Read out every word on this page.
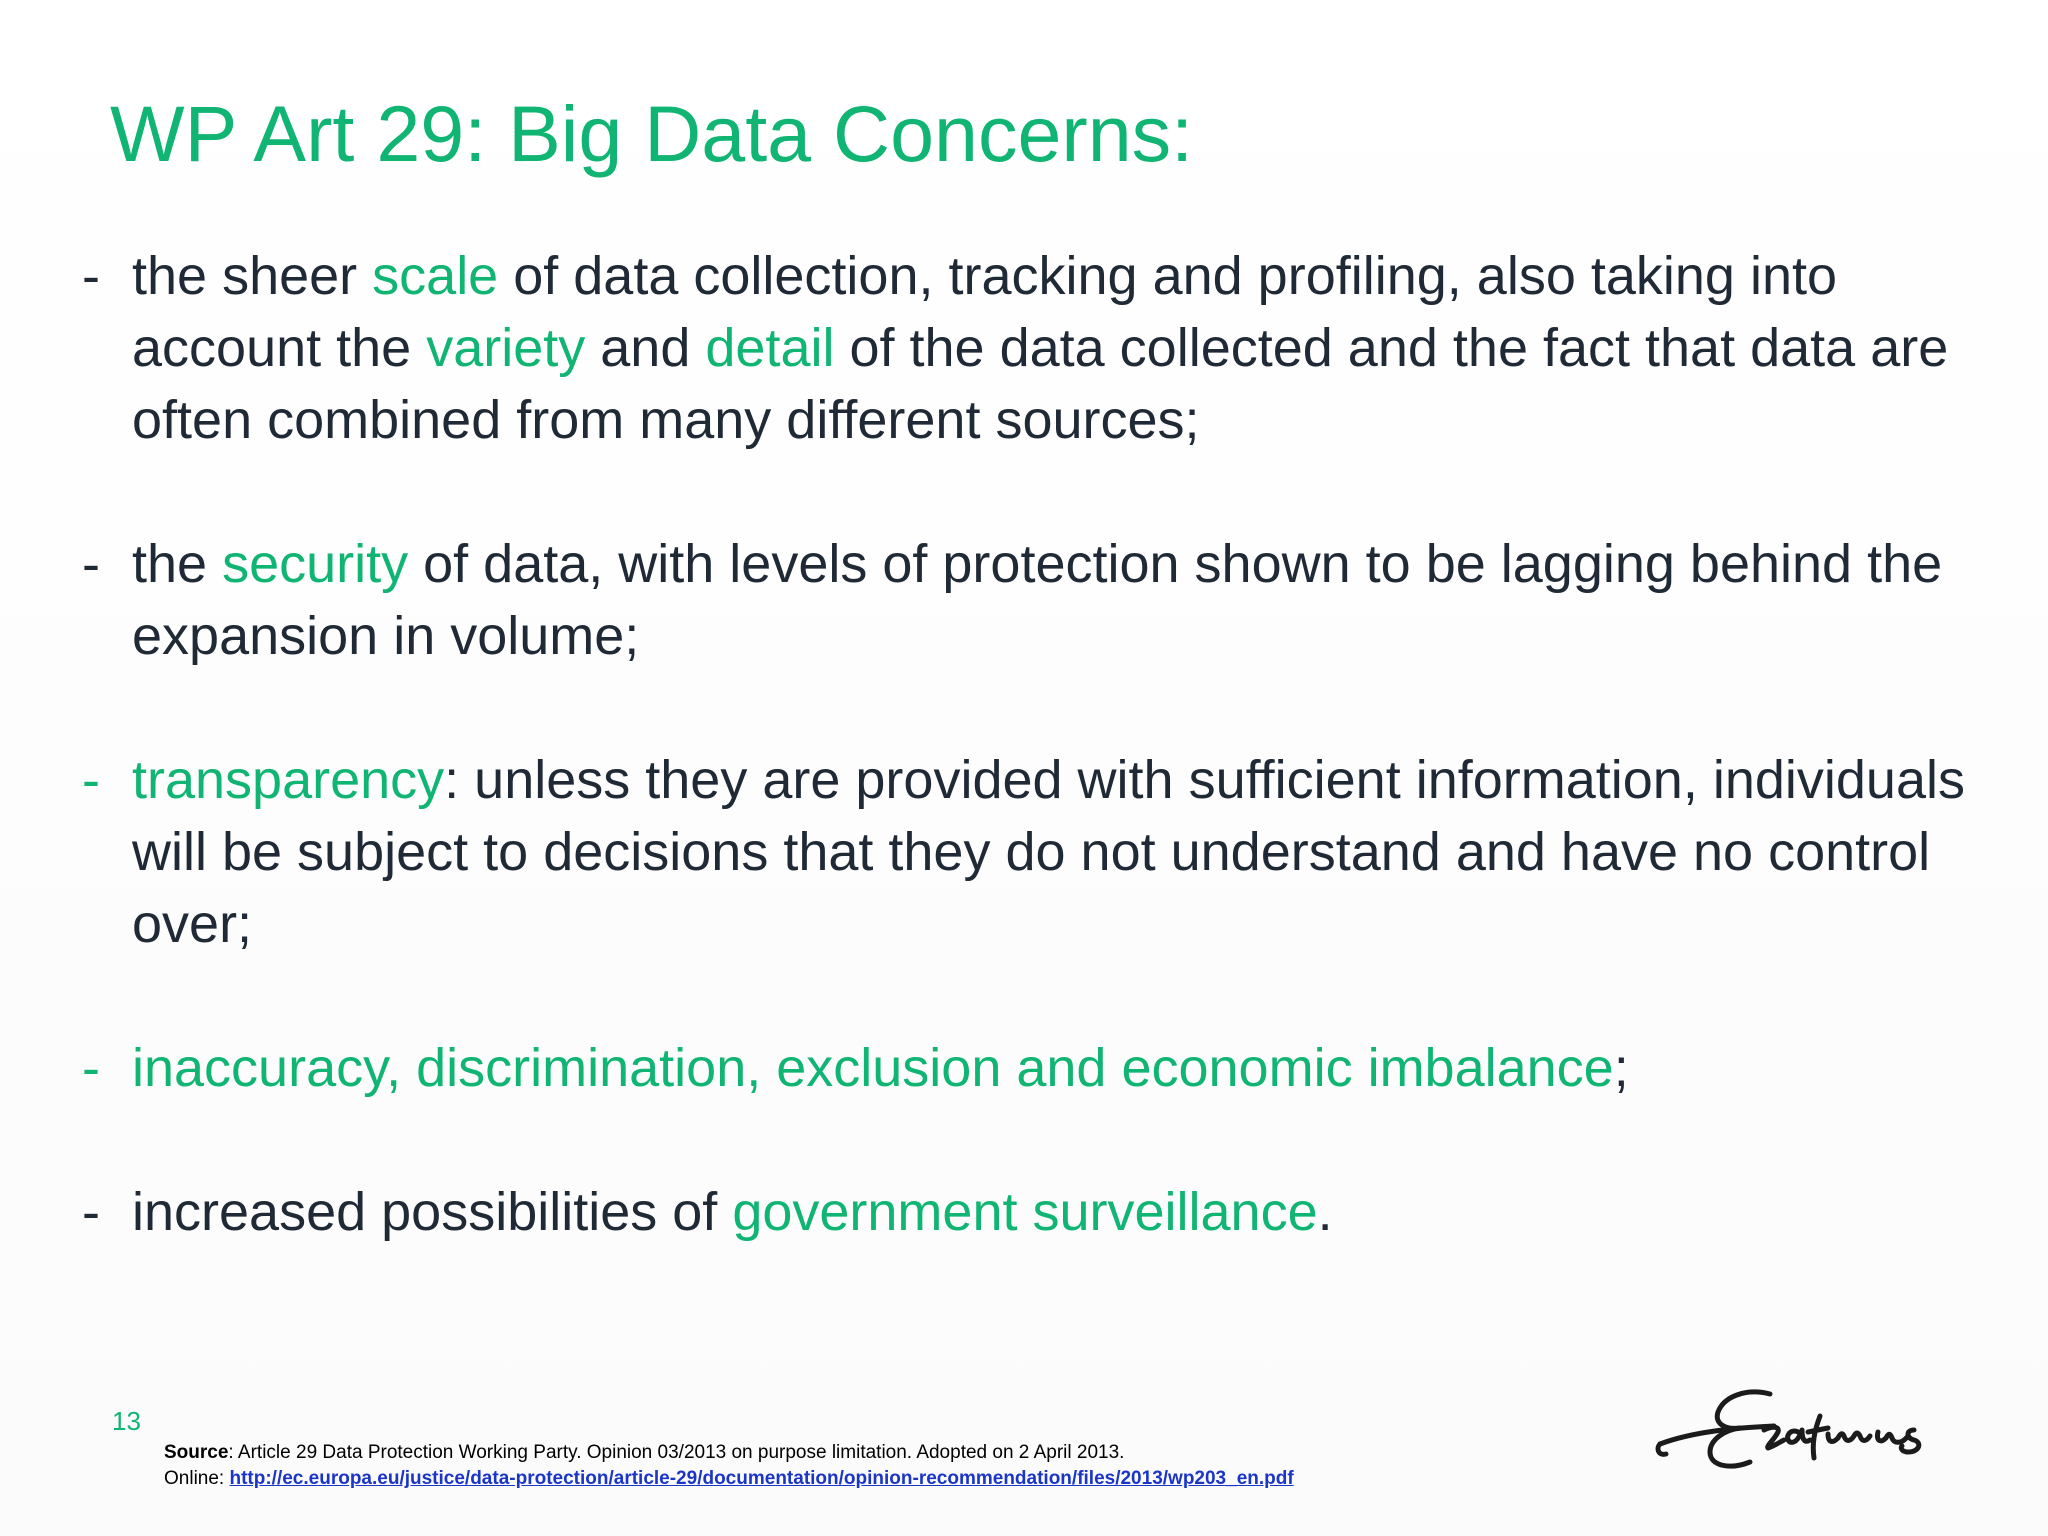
WP Art 29: Big Data Concerns:
- the sheer scale of data collection, tracking and profiling, also taking into account the variety and detail of the data collected and the fact that data are often combined from many different sources;
- the security of data, with levels of protection shown to be lagging behind the expansion in volume;
- transparency: unless they are provided with sufficient information, individuals will be subject to decisions that they do not understand and have no control over;
- inaccuracy, discrimination, exclusion and economic imbalance;
- increased possibilities of government surveillance.
13
Source: Article 29 Data Protection Working Party. Opinion 03/2013 on purpose limitation. Adopted on 2 April 2013.
Online: http://ec.europa.eu/justice/data-protection/article-29/documentation/opinion-recommendation/files/2013/wp203_en.pdf
